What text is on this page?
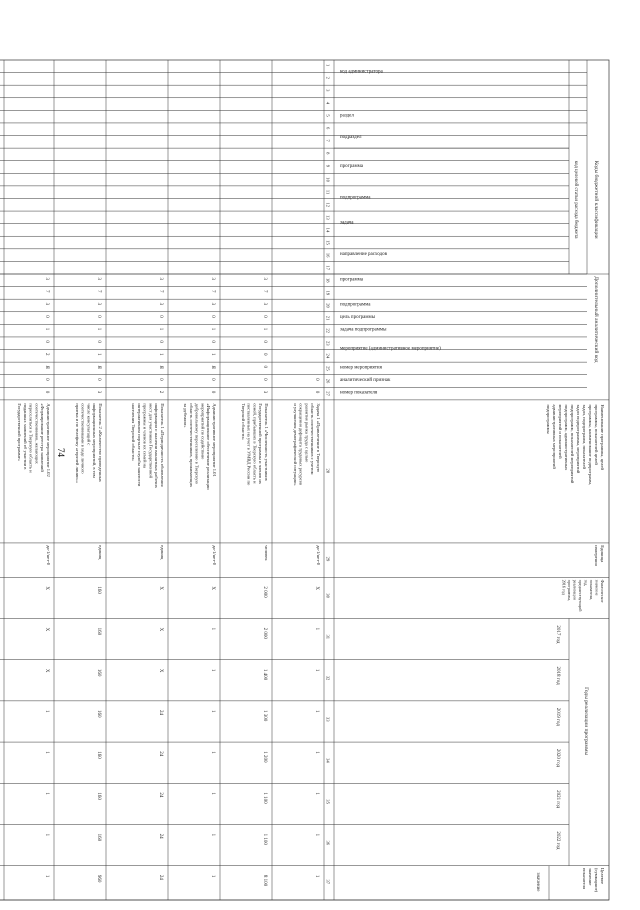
74
Коды бюджетной классификации
Дополнительный аналитический код
код целевой статьи расхода бюджета
код администратора
раздел
подраздел
программа
подпрограмма
задача
направление расходов
программа
подпрограмма
цель программы
задача подпрограммы
мероприятие (административное мероприятие)
номер мероприятия
аналитический признак
номер показателя
Наименование программы, целей
программы, показателей целей
программы, наименование подпрограмм,
задач, подпрограмм, показателей
задач подпрограммы, мероприятий
подпрограмм, показателей мероприятий
подпрограмм, административных
мероприятий и показателей
административных мероприятий
подпрограммы
Единица
измерения
Фактическое
значение
показателя,
год,
предшествующий
реализации
программы,
2016 год
Годы реализации программы
2017 год
2018 год
2019 год
2020 год
2021 год
2022 год
Целевое
(суммарное)
значение
показателя
значение
1
2
3
4
5
6
7
8
9
10
11
12
13
14
15
16
17
18
19
20
21
22
23
24
25
26
27
28
29
30
31
32
33
34
35
36
37
0
0
Задача 1 «Привлечение в Тверскую
область соотечественников с учетом
развития рынка труда с целью
сокращения дефицита трудовых ресурсов
и улучшения демографической ситуации»
да-1/нет-0
Х
1
1
1
1
1
1
1
3
7
3
0
1
0
0
0
0
3
Показатель 1 «Численность участников
Государственной программы и членов их
семей, прибывших в Тверскую область и
поставленных на учет в УМВД России по
Тверской области»
человек
2 000
2 000
1 400
1 300
1 200
1 100
1 100
8 100
3
7
3
0
1
0
1
Я
0
0
Административное мероприятие 1.01
«Информационное обеспечение реализации
мероприятий по содействию
добровольному переселению в Тверскую
область соотечественников, проживающих
за рубежом»
да-1/нет-0
Х
1
1
1
1
1
1
1
3
7
3
0
1
0
1
Я
0
2
Показатель 1 «Периодичность обновления
информации о наличии вакантных рабочих
мест для участников Государственной
программы и членов их семей на
интерактивном портале службы занятости
населения Тверской области»
единиц
Х
Х
Х
24
24
24
24
24
3
7
3
0
1
0
1
Я
0
3
Показатель 2 «Количество проведенных
информационных мероприятий, в том
числе консультаций с
соотечественниками в ходе личного
приема и по телефону «горячей линии»»
единиц
160
160
160
160
160
160
160
960
3
7
3
0
1
0
2
Я
0
0
Административное мероприятие 1.02
«Формирование реестра заявлений
соотечественников, желающих
переселиться в Тверскую область и
поданных заявлений об участии в
Государственной программе»
да-1/нет-0
Х
Х
Х
1
1
1
1
1
